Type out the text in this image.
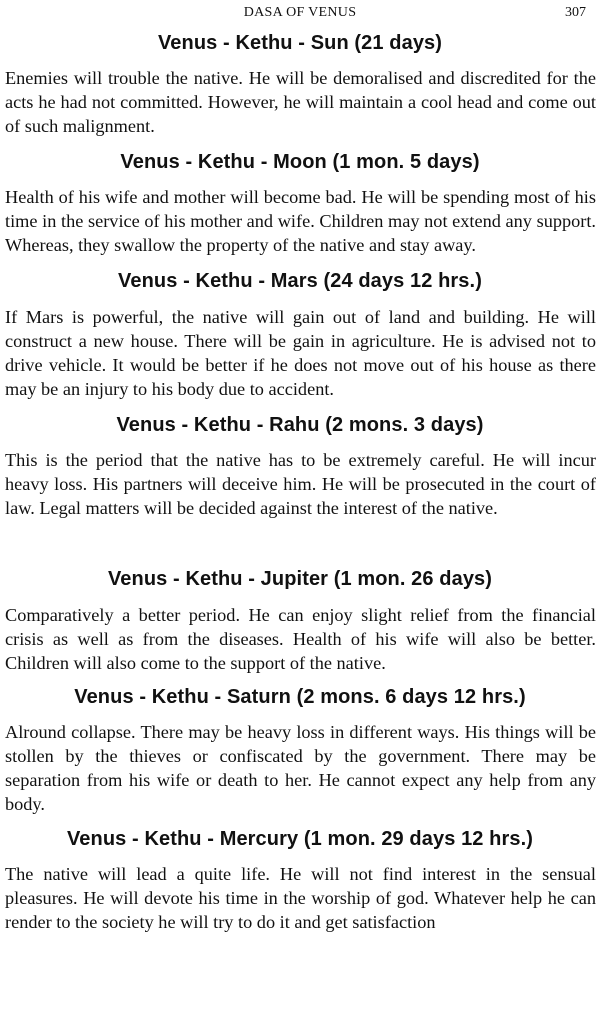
DASA OF VENUS	307
Venus - Kethu - Sun (21 days)

Enemies will trouble the native. He will be demoralised and discredited for the acts he had not committed. However, he will maintain a cool head and come out of such malignment.

Venus - Kethu - Moon (1 mon. 5 days)

Health of his wife and mother will become bad. He will be spending most of his time in the service of his mother and wife. Children may not extend any support. Whereas, they swallow the property of the native and stay away.

Venus - Kethu - Mars (24 days 12 hrs.)

If Mars is powerful, the native will gain out of land and building. He will construct a new house. There will be gain in agriculture. He is advised not to drive vehicle. It would be better if he does not move out of his house as there may be an injury to his body due to accident.

Venus - Kethu - Rahu (2 mons. 3 days)

This is the period that the native has to be extremely careful. He will incur heavy loss. His partners will deceive him. He will be prosecuted in the court of law. Legal matters will be decided against the interest of the native.

Venus - Kethu - Jupiter (1 mon. 26 days)

Comparatively a better period. He can enjoy slight relief from the financial crisis as well as from the diseases. Health of his wife will also be better. Children will also come to the support of the native.

Venus - Kethu - Saturn (2 mons. 6 days 12 hrs.)

Alround collapse. There may be heavy loss in different ways. His things will be stollen by the thieves or confiscated by the government. There may be separation from his wife or death to her. He cannot expect any help from any body.

Venus - Kethu - Mercury (1 mon. 29 days 12 hrs.)

The native will lead a quite life. He will not find interest in the sensual pleasures. He will devote his time in the worship of god. Whatever help he can render to the society he will try to do it and get satisfaction
